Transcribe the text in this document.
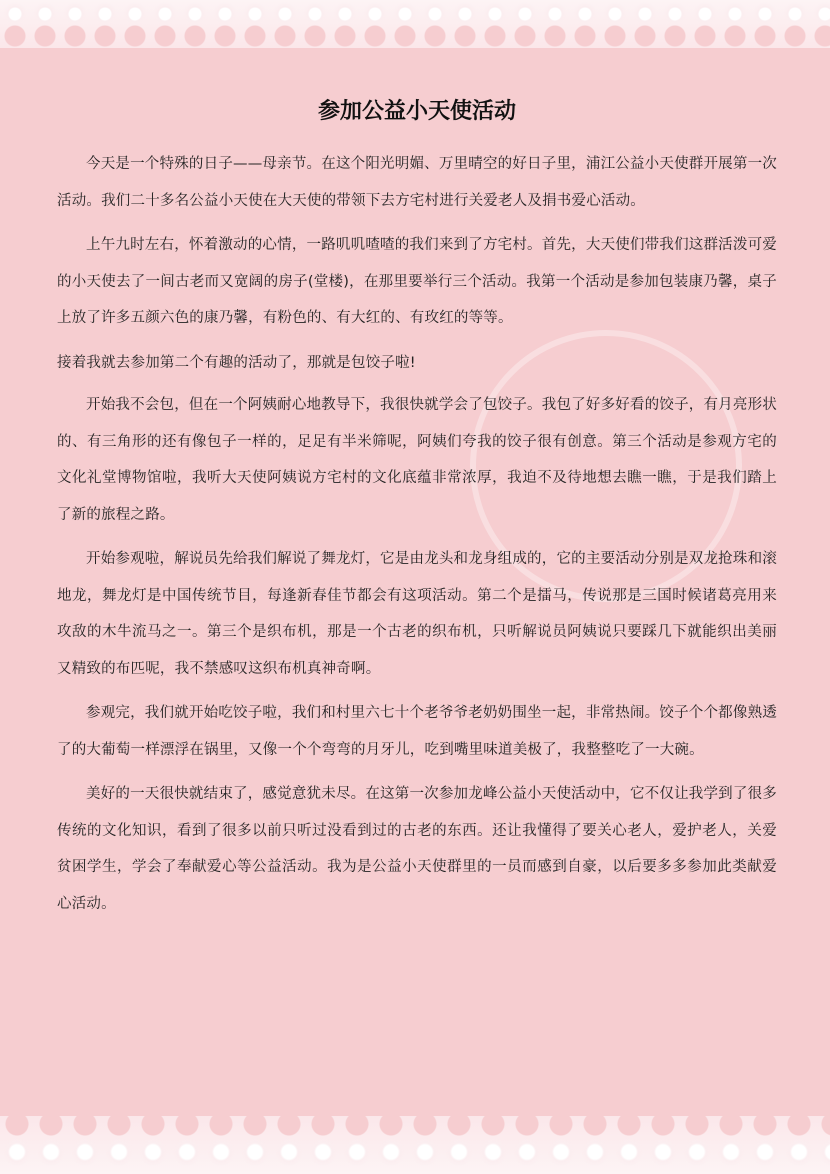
参加公益小天使活动

今天是一个特殊的日子——母亲节。在这个阳光明媚、万里晴空的好日子里，浦江公益小天使群开展第一次活动。我们二十多名公益小天使在大天使的带领下去方宅村进行关爱老人及捐书爱心活动。

上午九时左右，怀着激动的心情，一路叽叽喳喳的我们来到了方宅村。首先，大天使们带我们这群活泼可爱的小天使去了一间古老而又宽阔的房子(堂楼)，在那里要举行三个活动。我第一个活动是参加包装康乃馨，桌子上放了许多五颜六色的康乃馨，有粉色的、有大红的、有玫红的等等。

接着我就去参加第二个有趣的活动了，那就是包饺子啦!

开始我不会包，但在一个阿姨耐心地教导下，我很快就学会了包饺子。我包了好多好看的饺子，有月亮形状的、有三角形的还有像包子一样的，足足有半米筛呢，阿姨们夸我的饺子很有创意。第三个活动是参观方宅的文化礼堂博物馆啦，我听大天使阿姨说方宅村的文化底蕴非常浓厚，我迫不及待地想去瞧一瞧，于是我们踏上了新的旅程之路。

开始参观啦，解说员先给我们解说了舞龙灯，它是由龙头和龙身组成的，它的主要活动分别是双龙抢珠和滚地龙，舞龙灯是中国传统节目，每逢新春佳节都会有这项活动。第二个是擂马，传说那是三国时候诸葛亮用来攻敌的木牛流马之一。第三个是织布机，那是一个古老的织布机，只听解说员阿姨说只要踩几下就能织出美丽又精致的布匹呢，我不禁感叹这织布机真神奇啊。

参观完，我们就开始吃饺子啦，我们和村里六七十个老爷爷老奶奶围坐一起，非常热闹。饺子个个都像熟透了的大葡萄一样漂浮在锅里，又像一个个弯弯的月牙儿，吃到嘴里味道美极了，我整整吃了一大碗。

美好的一天很快就结束了，感觉意犹未尽。在这第一次参加龙峰公益小天使活动中，它不仅让我学到了很多传统的文化知识，看到了很多以前只听过没看到过的古老的东西。还让我懂得了要关心老人，爱护老人，关爱贫困学生，学会了奉献爱心等公益活动。我为是公益小天使群里的一员而感到自豪，以后要多多参加此类献爱心活动。
